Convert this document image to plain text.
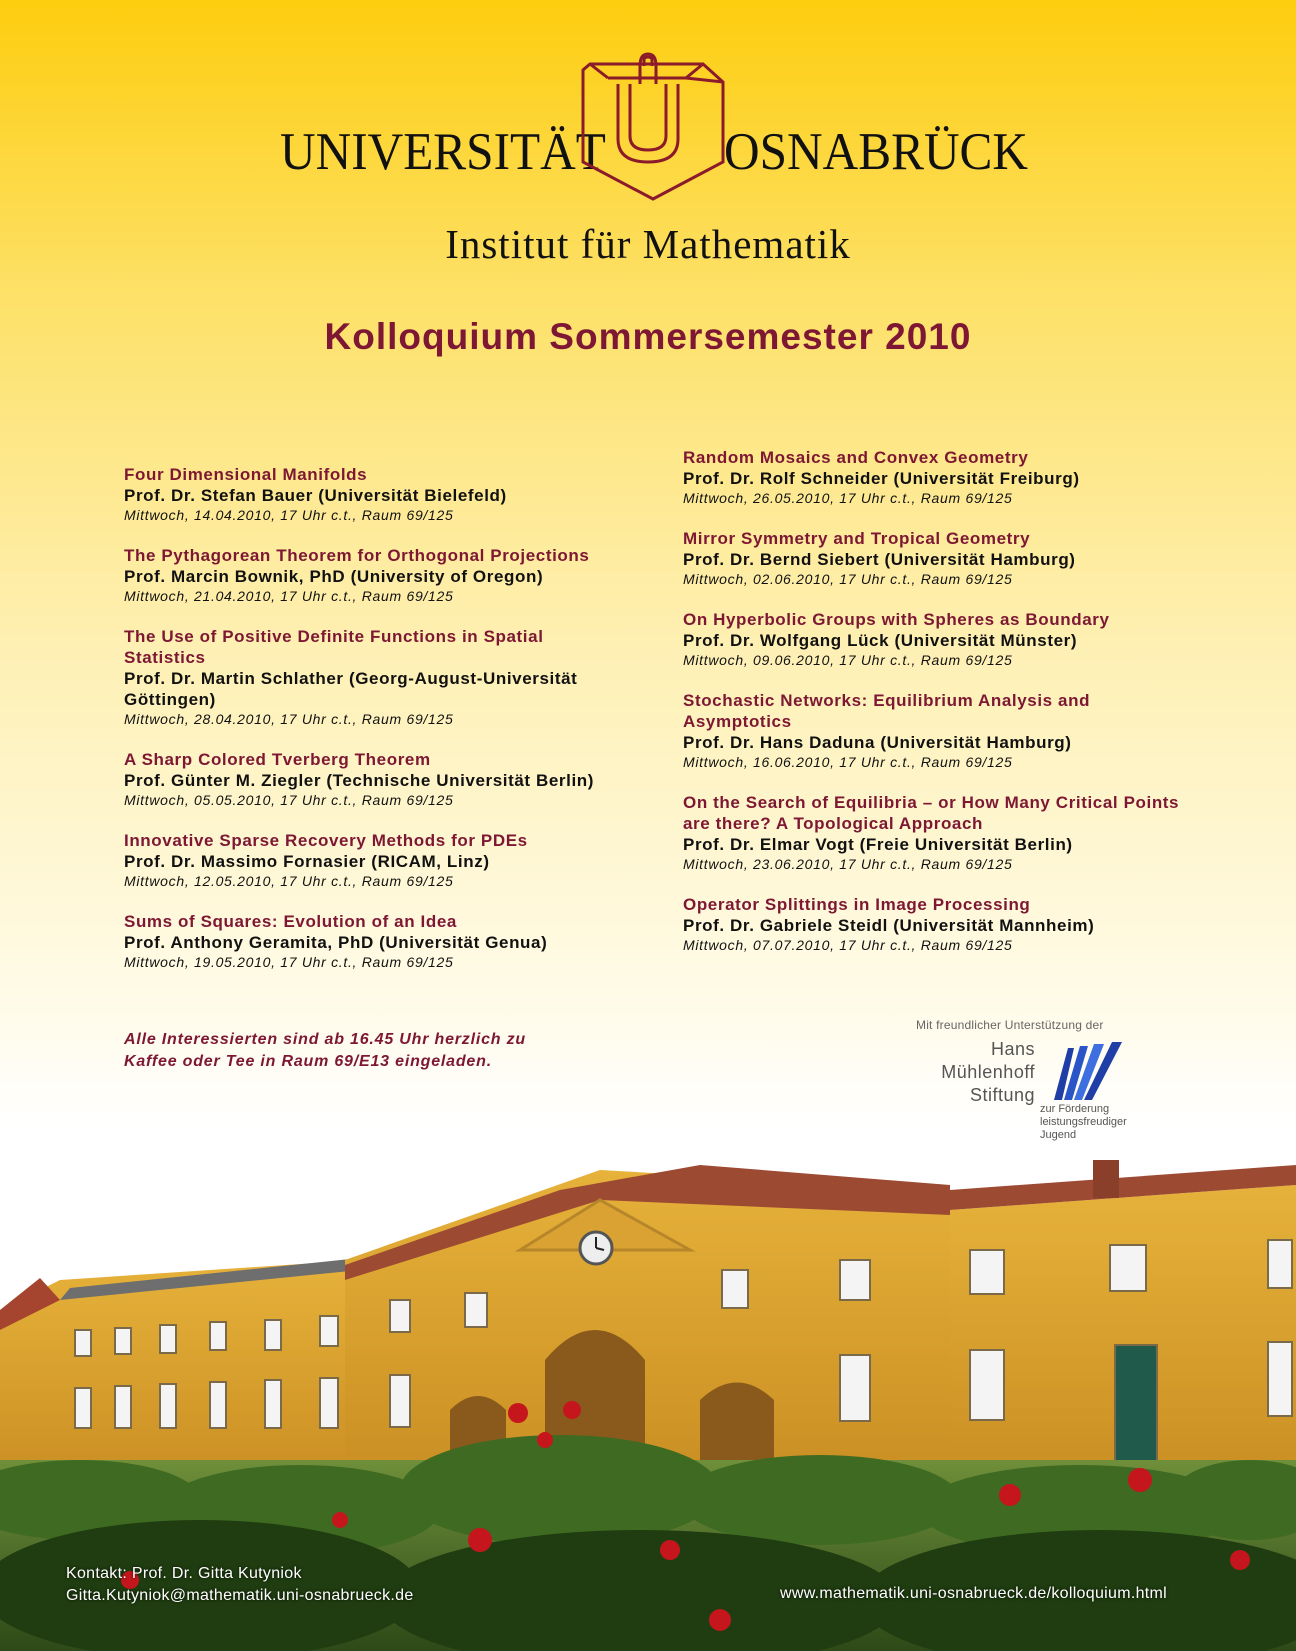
UNIVERSITÄT OSNABRÜCK
Institut für Mathematik
Kolloquium Sommersemester 2010
Four Dimensional Manifolds
Prof. Dr. Stefan Bauer (Universität Bielefeld)
Mittwoch, 14.04.2010, 17 Uhr c.t., Raum 69/125
The Pythagorean Theorem for Orthogonal Projections
Prof. Marcin Bownik, PhD (University of Oregon)
Mittwoch, 21.04.2010, 17 Uhr c.t., Raum 69/125
The Use of Positive Definite Functions in Spatial Statistics
Prof. Dr. Martin Schlather (Georg-August-Universität Göttingen)
Mittwoch, 28.04.2010, 17 Uhr c.t., Raum 69/125
A Sharp Colored Tverberg Theorem
Prof. Günter M. Ziegler (Technische Universität Berlin)
Mittwoch, 05.05.2010, 17 Uhr c.t., Raum 69/125
Innovative Sparse Recovery Methods for PDEs
Prof. Dr. Massimo Fornasier (RICAM, Linz)
Mittwoch, 12.05.2010, 17 Uhr c.t., Raum 69/125
Sums of Squares: Evolution of an Idea
Prof. Anthony Geramita, PhD (Universität Genua)
Mittwoch, 19.05.2010, 17 Uhr c.t., Raum 69/125
Random Mosaics and Convex Geometry
Prof. Dr. Rolf Schneider (Universität Freiburg)
Mittwoch, 26.05.2010, 17 Uhr c.t., Raum 69/125
Mirror Symmetry and Tropical Geometry
Prof. Dr. Bernd Siebert (Universität Hamburg)
Mittwoch, 02.06.2010, 17 Uhr c.t., Raum 69/125
On Hyperbolic Groups with Spheres as Boundary
Prof. Dr. Wolfgang Lück (Universität Münster)
Mittwoch, 09.06.2010, 17 Uhr c.t., Raum 69/125
Stochastic Networks: Equilibrium Analysis and Asymptotics
Prof. Dr. Hans Daduna (Universität Hamburg)
Mittwoch, 16.06.2010, 17 Uhr c.t., Raum 69/125
On the Search of Equilibria – or How Many Critical Points are there? A Topological Approach
Prof. Dr. Elmar Vogt (Freie Universität Berlin)
Mittwoch, 23.06.2010, 17 Uhr c.t., Raum 69/125
Operator Splittings in Image Processing
Prof. Dr. Gabriele Steidl (Universität Mannheim)
Mittwoch, 07.07.2010, 17 Uhr c.t., Raum 69/125
Alle Interessierten sind ab 16.45 Uhr herzlich zu
Kaffee oder Tee in Raum 69/E13 eingeladen.
Mit freundlicher Unterstützung der
Hans
Mühlenhoff
Stiftung
zur Förderung
leistungsfreudiger
Jugend
Kontakt: Prof. Dr. Gitta Kutyniok
Gitta.Kutyniok@mathematik.uni-osnabrueck.de	www.mathematik.uni-osnabrueck.de/kolloquium.html
